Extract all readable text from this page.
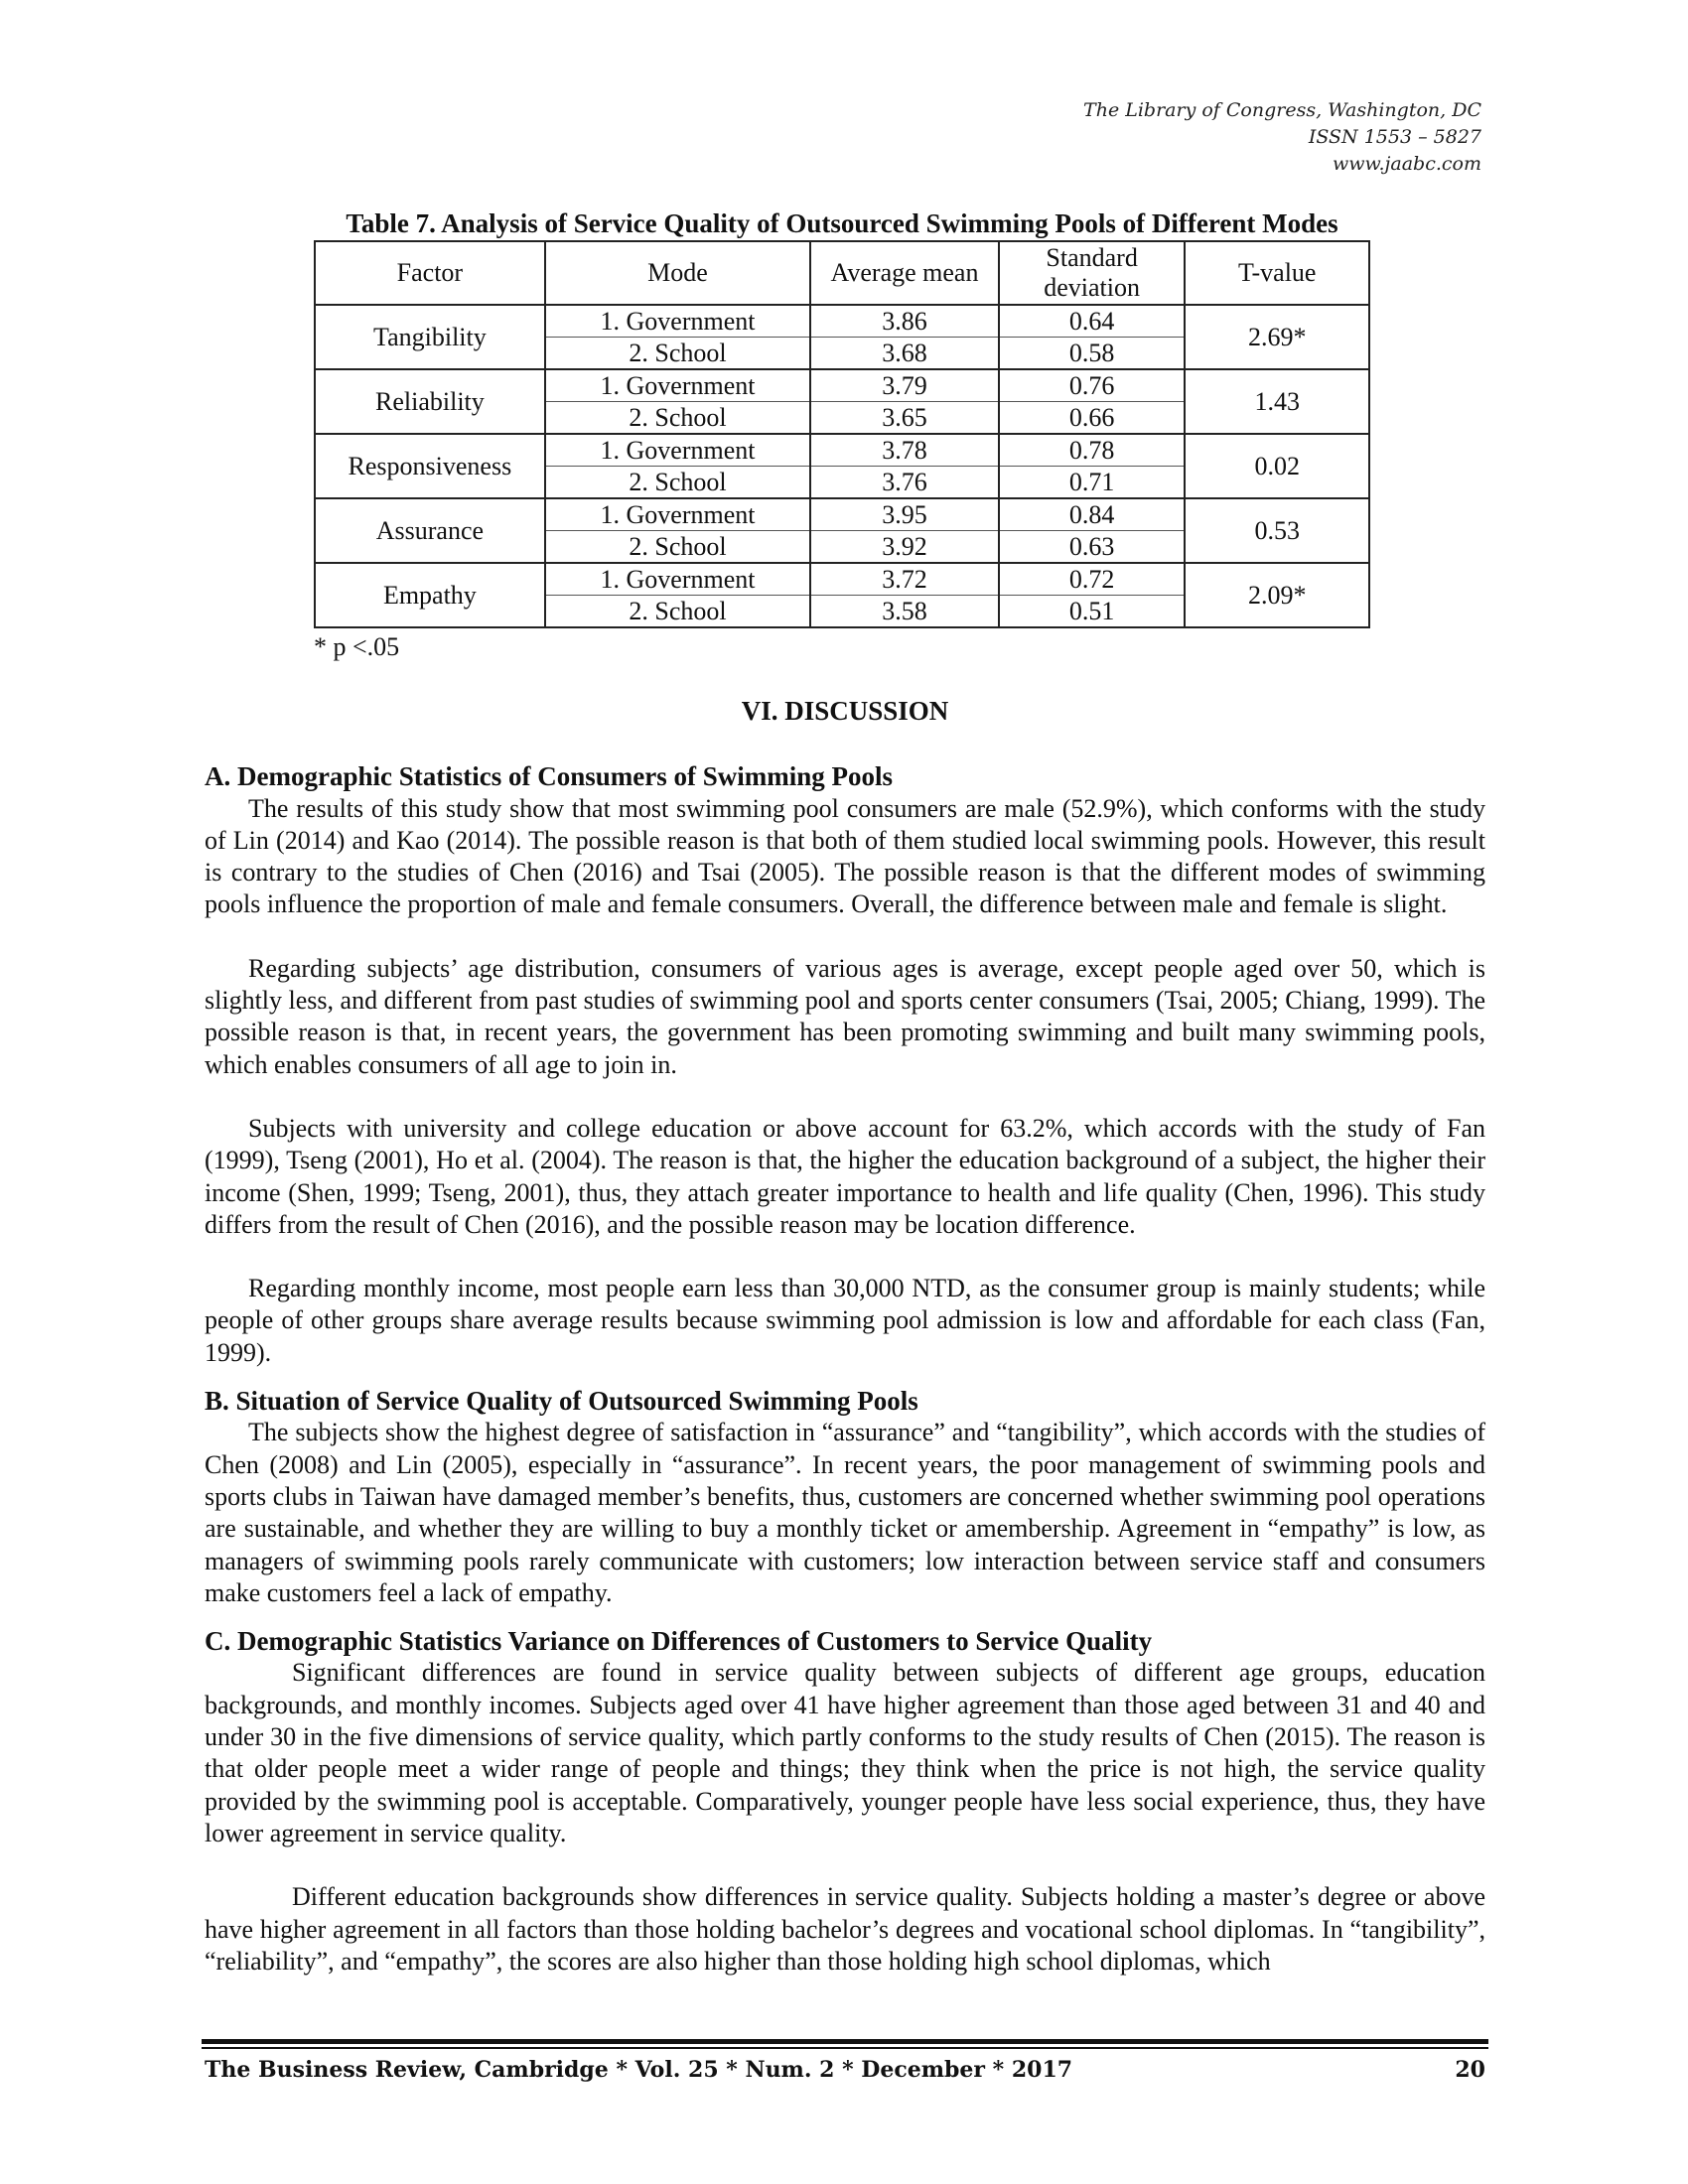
The Library of Congress, Washington, DC
ISSN 1553 – 5827
www.jaabc.com
Table 7. Analysis of Service Quality of Outsourced Swimming Pools of Different Modes
Factor	Mode	Average mean	Standard deviation	T-value
Tangibility	1. Government	3.86	0.64	2.69*
	2. School	3.68	0.58	
Reliability	1. Government	3.79	0.76	1.43
	2. School	3.65	0.66	
Responsiveness	1. Government	3.78	0.78	0.02
	2. School	3.76	0.71	
Assurance	1. Government	3.95	0.84	0.53
	2. School	3.92	0.63	
Empathy	1. Government	3.72	0.72	2.09*
	2. School	3.58	0.51	
* p <.05
VI. DISCUSSION
A. Demographic Statistics of Consumers of Swimming Pools

The results of this study show that most swimming pool consumers are male (52.9%), which conforms with the study of Lin (2014) and Kao (2014). The possible reason is that both of them studied local swimming pools. However, this result is contrary to the studies of Chen (2016) and Tsai (2005). The possible reason is that the different modes of swimming pools influence the proportion of male and female consumers. Overall, the difference between male and female is slight.

Regarding subjects’ age distribution, consumers of various ages is average, except people aged over 50, which is slightly less, and different from past studies of swimming pool and sports center consumers (Tsai, 2005; Chiang, 1999). The possible reason is that, in recent years, the government has been promoting swimming and built many swimming pools, which enables consumers of all age to join in.

Subjects with university and college education or above account for 63.2%, which accords with the study of Fan (1999), Tseng (2001), Ho et al. (2004). The reason is that, the higher the education background of a subject, the higher their income (Shen, 1999; Tseng, 2001), thus, they attach greater importance to health and life quality (Chen, 1996). This study differs from the result of Chen (2016), and the possible reason may be location difference.

Regarding monthly income, most people earn less than 30,000 NTD, as the consumer group is mainly students; while people of other groups share average results because swimming pool admission is low and affordable for each class (Fan, 1999).

B. Situation of Service Quality of Outsourced Swimming Pools

The subjects show the highest degree of satisfaction in “assurance” and “tangibility”, which accords with the studies of Chen (2008) and Lin (2005), especially in “assurance”. In recent years, the poor management of swimming pools and sports clubs in Taiwan have damaged member’s benefits, thus, customers are concerned whether swimming pool operations are sustainable, and whether they are willing to buy a monthly ticket or amembership. Agreement in “empathy” is low, as managers of swimming pools rarely communicate with customers; low interaction between service staff and consumers make customers feel a lack of empathy.

C. Demographic Statistics Variance on Differences of Customers to Service Quality

Significant differences are found in service quality between subjects of different age groups, education backgrounds, and monthly incomes. Subjects aged over 41 have higher agreement than those aged between 31 and 40 and under 30 in the five dimensions of service quality, which partly conforms to the study results of Chen (2015). The reason is that older people meet a wider range of people and things; they think when the price is not high, the service quality provided by the swimming pool is acceptable. Comparatively, younger people have less social experience, thus, they have lower agreement in service quality.

Different education backgrounds show differences in service quality. Subjects holding a master’s degree or above have higher agreement in all factors than those holding bachelor’s degrees and vocational school diplomas. In “tangibility”, “reliability”, and “empathy”, the scores are also higher than those holding high school diplomas, which

The Business Review, Cambridge * Vol. 25 * Num. 2 * December * 2017	20
